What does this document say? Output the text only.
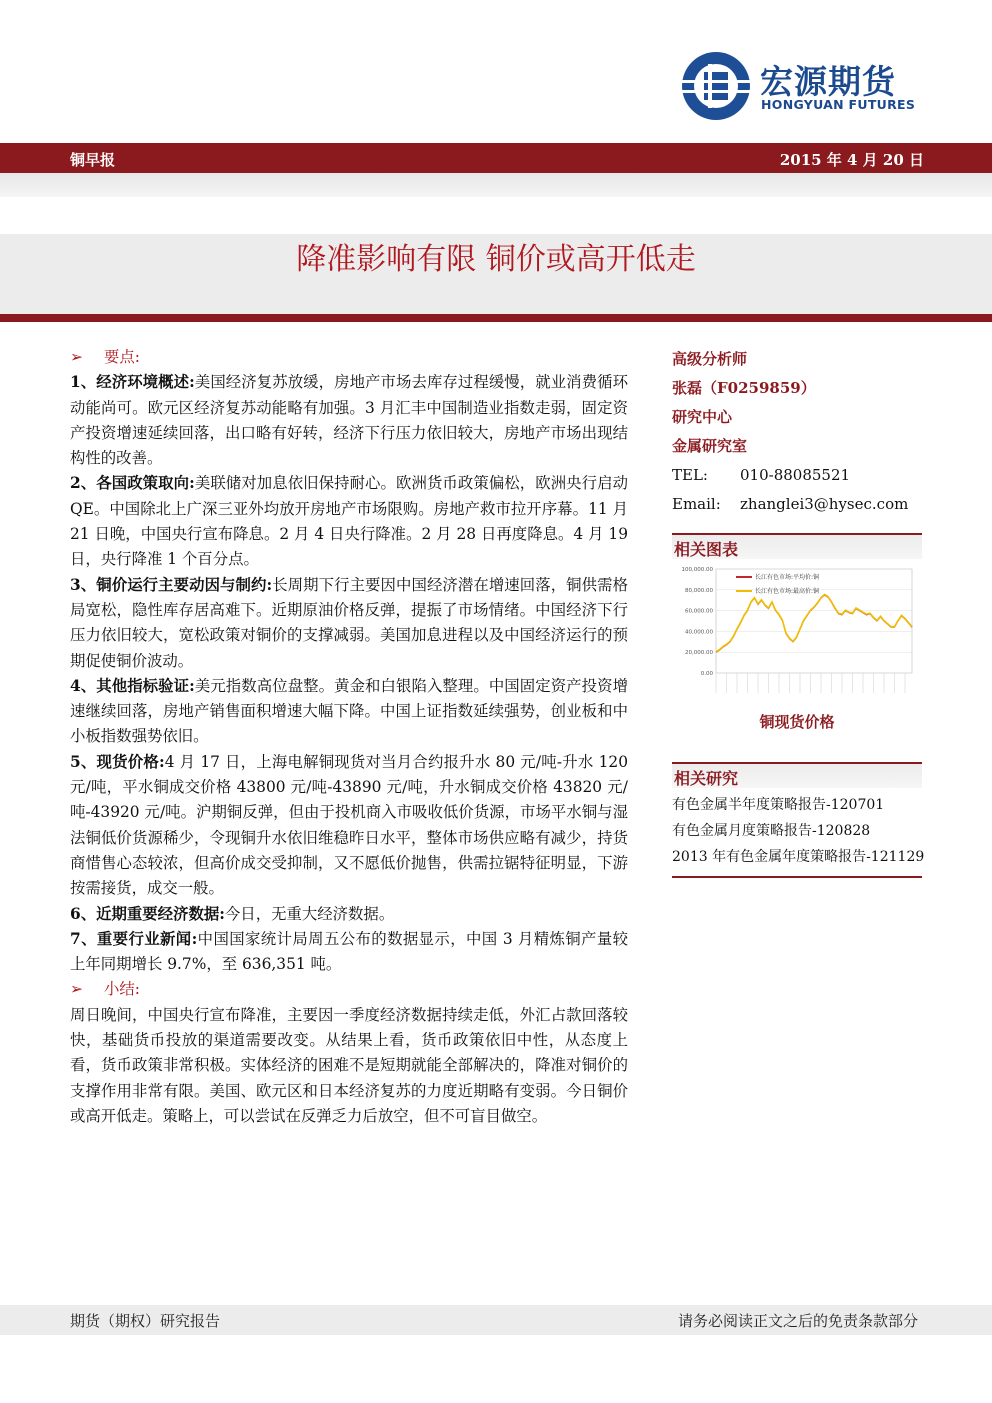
宏源期货
HONGYUAN FUTURES
铜早报	2015 年 4 月 20 日
降准影响有限 铜价或高开低走

➢ 要点:

1、经济环境概述:美国经济复苏放缓，房地产市场去库存过程缓慢，就业消费循环动能尚可。欧元区经济复苏动能略有加强。3 月汇丰中国制造业指数走弱，固定资产投资增速延续回落，出口略有好转，经济下行压力依旧较大，房地产市场出现结构性的改善。

2、各国政策取向:美联储对加息依旧保持耐心。欧洲货币政策偏松，欧洲央行启动 QE。中国除北上广深三亚外均放开房地产市场限购。房地产救市拉开序幕。11 月 21 日晚，中国央行宣布降息。2 月 4 日央行降准。2 月 28 日再度降息。4 月 19 日，央行降准 1 个百分点。

3、铜价运行主要动因与制约:长周期下行主要因中国经济潜在增速回落，铜供需格局宽松，隐性库存居高难下。近期原油价格反弹，提振了市场情绪。中国经济下行压力依旧较大，宽松政策对铜价的支撑减弱。美国加息进程以及中国经济运行的预期促使铜价波动。

4、其他指标验证:美元指数高位盘整。黄金和白银陷入整理。中国固定资产投资增速继续回落，房地产销售面积增速大幅下降。中国上证指数延续强势，创业板和中小板指数强势依旧。

5、现货价格:4 月 17 日，上海电解铜现货对当月合约报升水 80 元/吨-升水 120 元/吨，平水铜成交价格 43800 元/吨-43890 元/吨，升水铜成交价格 43820 元/吨-43920 元/吨。沪期铜反弹，但由于投机商入市吸收低价货源，市场平水铜与湿法铜低价货源稀少，令现铜升水依旧维稳昨日水平，整体市场供应略有减少，持货商惜售心态较浓，但高价成交受抑制，又不愿低价抛售，供需拉锯特征明显，下游按需接货，成交一般。

6、近期重要经济数据:今日，无重大经济数据。

7、重要行业新闻:中国国家统计局周五公布的数据显示，中国 3 月精炼铜产量较上年同期增长 9.7%，至 636,351 吨。

➢ 小结:

周日晚间，中国央行宣布降准，主要因一季度经济数据持续走低，外汇占款回落较快，基础货币投放的渠道需要改变。从结果上看，货币政策依旧中性，从态度上看，货币政策非常积极。实体经济的困难不是短期就能全部解决的，降准对铜价的支撑作用非常有限。美国、欧元区和日本经济复苏的力度近期略有变弱。今日铜价或高开低走。策略上，可以尝试在反弹乏力后放空，但不可盲目做空。

高级分析师
张磊（F0259859）
研究中心
金属研究室
TEL: 010-88085521
Email: zhanglei3@hysec.com
相关图表
100,000.00
80,000.00
60,000.00
40,000.00
20,000.00
0.00
长江有色市场:平均价:铜
长江有色市场:最高价:铜
铜现货价格
相关研究
有色金属半年度策略报告-120701
有色金属月度策略报告-120828
2013 年有色金属年度策略报告-121129
期货（期权）研究报告	请务必阅读正文之后的免责条款部分
